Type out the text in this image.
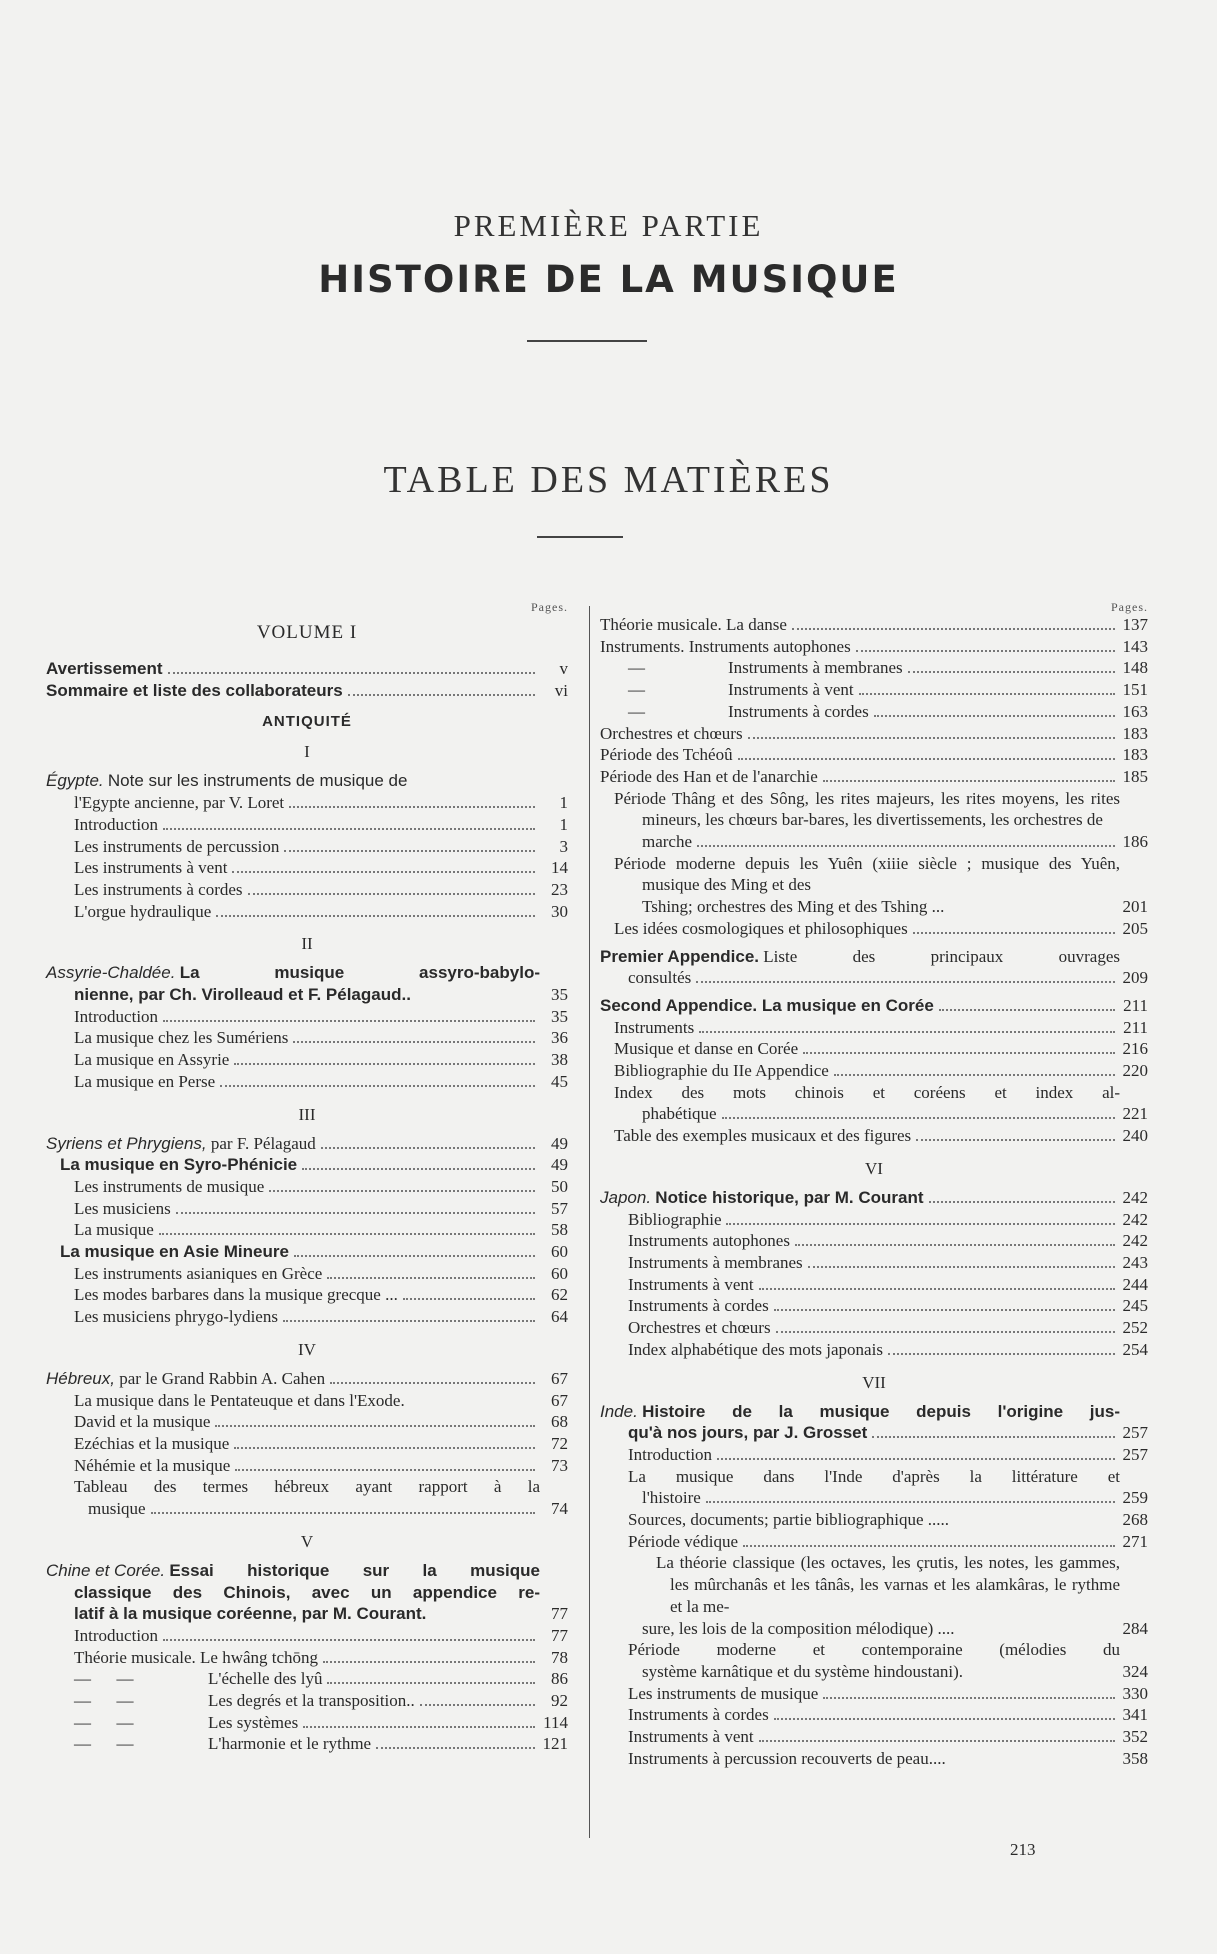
PREMIÈRE PARTIE
HISTOIRE DE LA MUSIQUE
TABLE DES MATIÈRES
Pages.
VOLUME I
Avertissement	v
Sommaire et liste des collaborateurs	vi
ANTIQUITÉ
I
Égypte. Note sur les instruments de musique de
l'Egypte ancienne, par V. Loret	1
Introduction	1
Les instruments de percussion	3
Les instruments à vent	14
Les instruments à cordes	23
L'orgue hydraulique	30
II
Assyrie-Chaldée.
La musique assyro-babylo-
nienne, par Ch. Virolleaud et F. Pélagaud..	35
Introduction	35
La musique chez les Sumériens	36
La musique en Assyrie	38
La musique en Perse	45
III
Syriens et Phrygiens, par F. Pélagaud	49
La musique en Syro-Phénicie	49
Les instruments de musique	50
Les musiciens	57
La musique	58
La musique en Asie Mineure	60
Les instruments asianiques en Grèce	60
Les modes barbares dans la musique grecque ...	62
Les musiciens phrygo-lydiens	64
IV
Hébreux, par le Grand Rabbin A. Cahen	67
La musique dans le Pentateuque et dans l'Exode.	67
David et la musique	68
Ezéchias et la musique	72
Néhémie et la musique	73
Tableau des termes hébreux ayant rapport à la
musique	74
V
Chine et Corée.
Essai historique sur la musique
classique des Chinois, avec un appendice re-
latif à la musique coréenne, par M. Courant.	77
Introduction	77
Théorie musicale. Le hwâng tchōng	78
—      —	L'échelle des lyû	86
—      —	Les degrés et la transposition..	92
—      —	Les systèmes	114
—      —	L'harmonie et le rythme	121
Pages.
Théorie musicale. La danse	137
Instruments. Instruments autophones	143
—	Instruments à membranes	148
—	Instruments à vent	151
—	Instruments à cordes	163
Orchestres et chœurs	183
Période des Tchéoû	183
Période des Han et de l'anarchie	185
Période Thâng et des Sông, les rites majeurs, les rites moyens, les rites mineurs, les chœurs bar-bares, les divertissements, les orchestres de
marche	186
Période moderne depuis les Yuên (xiiie siècle ; musique des Yuên, musique des Ming et des
Tshing; orchestres des Ming et des Tshing ...	201
Les idées cosmologiques et philosophiques	205
Premier Appendice.
Liste des principaux ouvrages
consultés	209
Second Appendice. La musique en Corée	211
Instruments	211
Musique et danse en Corée	216
Bibliographie du IIe Appendice	220
Index des mots chinois et coréens et index al-
phabétique	221
Table des exemples musicaux et des figures	240
VI
Japon. Notice historique, par M. Courant	242
Bibliographie	242
Instruments autophones	242
Instruments à membranes	243
Instruments à vent	244
Instruments à cordes	245
Orchestres et chœurs	252
Index alphabétique des mots japonais	254
VII
Inde.
Histoire de la musique depuis l'origine jus-
qu'à nos jours, par J. Grosset	257
Introduction	257
La musique dans l'Inde d'après la littérature et
l'histoire	259
Sources, documents; partie bibliographique .....	268
Période védique	271
La théorie classique (les octaves, les çrutis, les notes, les gammes, les mûrchanâs et les tânâs, les varnas et les alamkâras, le rythme et la me-
sure, les lois de la composition mélodique) ....	284
Période moderne et contemporaine (mélodies du
système karnâtique et du système hindoustani).	324
Les instruments de musique	330
Instruments à cordes	341
Instruments à vent	352
Instruments à percussion recouverts de peau....	358
213
